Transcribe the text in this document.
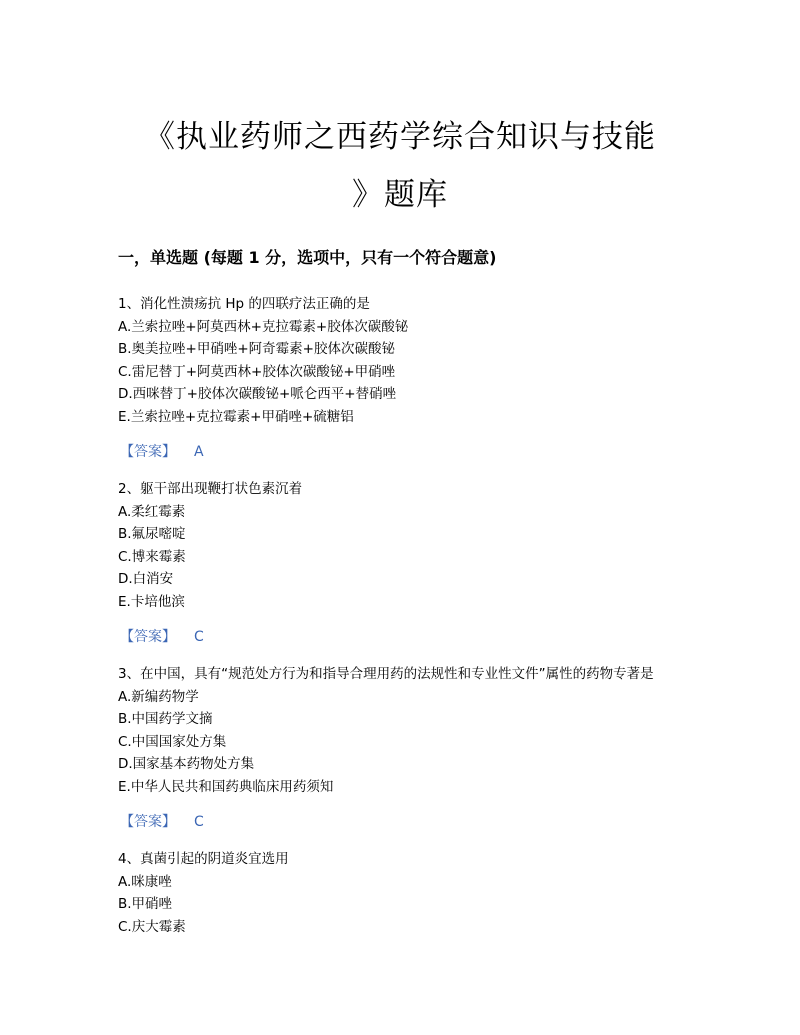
《执业药师之西药学综合知识与技能
》题库
一，单选题 (每题 1 分，选项中，只有一个符合题意)
1、消化性溃疡抗 Hp 的四联疗法正确的是
A.兰索拉唑+阿莫西林+克拉霉素+胶体次碳酸铋
B.奥美拉唑+甲硝唑+阿奇霉素+胶体次碳酸铋
C.雷尼替丁+阿莫西林+胶体次碳酸铋+甲硝唑
D.西咪替丁+胶体次碳酸铋+哌仑西平+替硝唑
E.兰索拉唑+克拉霉素+甲硝唑+硫糖铝
【答案】 A
2、躯干部出现鞭打状色素沉着
A.柔红霉素
B.氟尿嘧啶
C.博来霉素
D.白消安
E.卡培他滨
【答案】 C
3、在中国，具有“规范处方行为和指导合理用药的法规性和专业性文件”属性的药物专著是
A.新编药物学
B.中国药学文摘
C.中国国家处方集
D.国家基本药物处方集
E.中华人民共和国药典临床用药须知
【答案】 C
4、真菌引起的阴道炎宜选用
A.咪康唑
B.甲硝唑
C.庆大霉素
